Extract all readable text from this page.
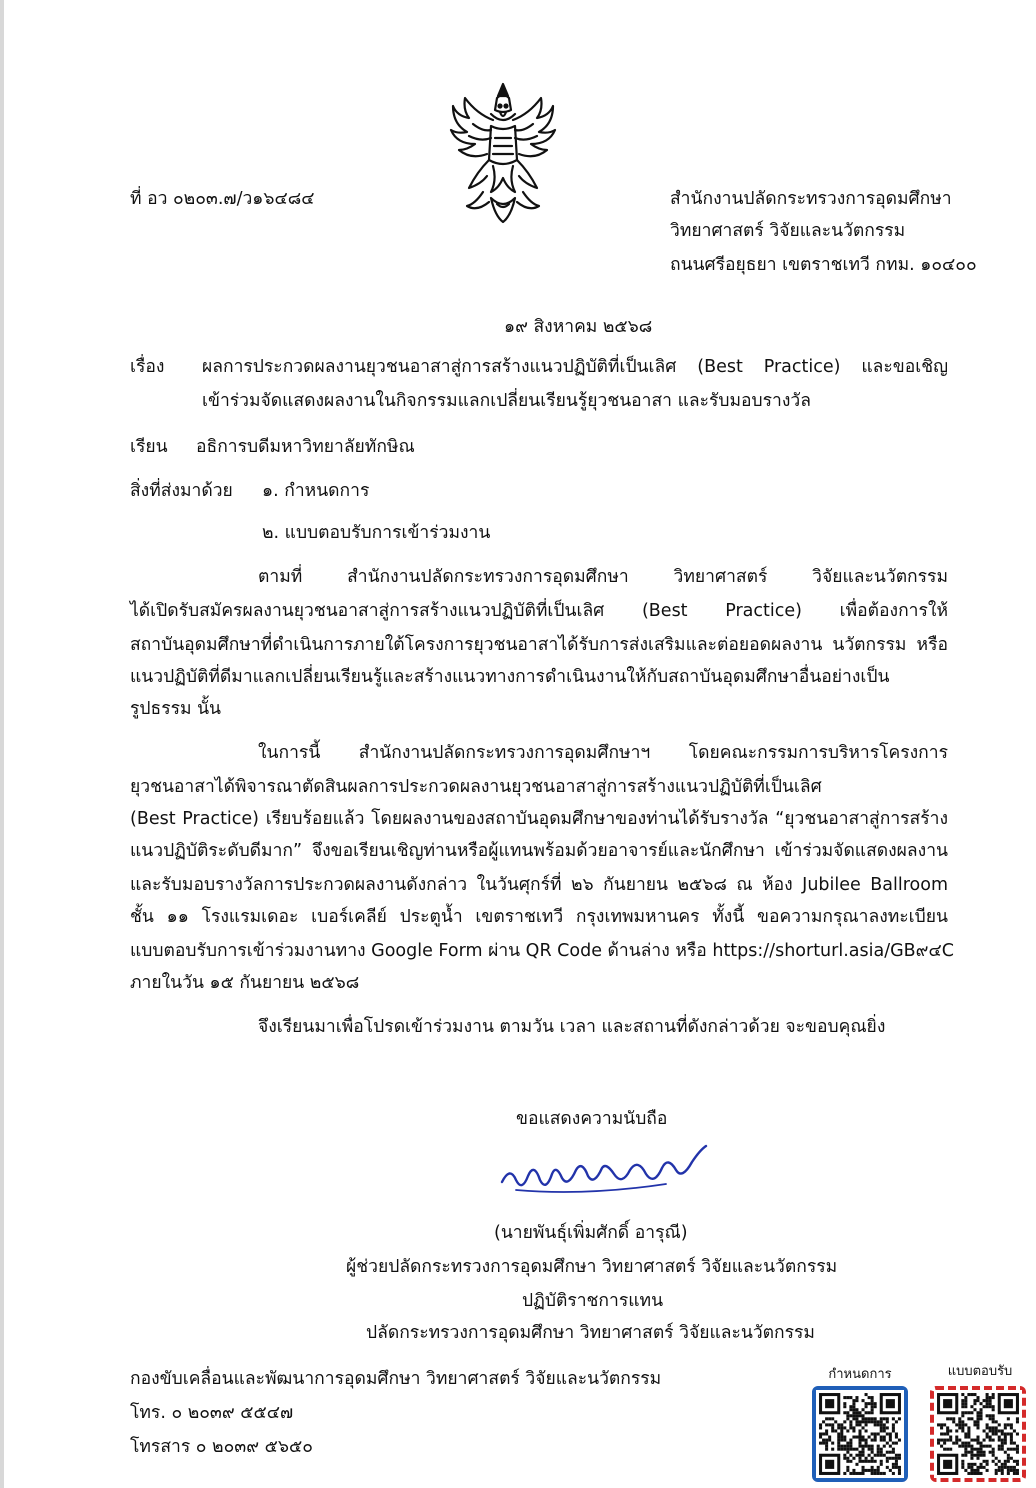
ที่ อว ๐๒๐๓.๗/ว๑๖๔๘๔	สำนักงานปลัดกระทรวงการอุดมศึกษา

วิทยาศาสตร์ วิจัยและนวัตกรรม

ถนนศรีอยุธยา เขตราชเทวี กทม. ๑๐๔๐๐

๑๙ สิงหาคม ๒๕๖๘

เรื่อง ผลการประกวดผลงานยุวชนอาสาสู่การสร้างแนวปฏิบัติที่เป็นเลิศ (Best Practice) และขอเชิญ

เข้าร่วมจัดแสดงผลงานในกิจกรรมแลกเปลี่ยนเรียนรู้ยุวชนอาสา และรับมอบรางวัล

เรียน อธิการบดีมหาวิทยาลัยทักษิณ

สิ่งที่ส่งมาด้วย ๑. กำหนดการ

๒. แบบตอบรับการเข้าร่วมงาน

ตามที่ สำนักงานปลัดกระทรวงการอุดมศึกษา วิทยาศาสตร์ วิจัยและนวัตกรรม

ได้เปิดรับสมัครผลงานยุวชนอาสาสู่การสร้างแนวปฏิบัติที่เป็นเลิศ (Best Practice) เพื่อต้องการให้

สถาบันอุดมศึกษาที่ดำเนินการภายใต้โครงการยุวชนอาสาได้รับการส่งเสริมและต่อยอดผลงาน นวัตกรรม หรือ

แนวปฏิบัติที่ดีมาแลกเปลี่ยนเรียนรู้และสร้างแนวทางการดำเนินงานให้กับสถาบันอุดมศึกษาอื่นอย่างเป็น

รูปธรรม นั้น

ในการนี้ สำนักงานปลัดกระทรวงการอุดมศึกษาฯ โดยคณะกรรมการบริหารโครงการ

ยุวชนอาสาได้พิจารณาตัดสินผลการประกวดผลงานยุวชนอาสาสู่การสร้างแนวปฏิบัติที่เป็นเลิศ

(Best Practice) เรียบร้อยแล้ว โดยผลงานของสถาบันอุดมศึกษาของท่านได้รับรางวัล “ยุวชนอาสาสู่การสร้าง

แนวปฏิบัติระดับดีมาก” จึงขอเรียนเชิญท่านหรือผู้แทนพร้อมด้วยอาจารย์และนักศึกษา เข้าร่วมจัดแสดงผลงาน

และรับมอบรางวัลการประกวดผลงานดังกล่าว ในวันศุกร์ที่ ๒๖ กันยายน ๒๕๖๘ ณ ห้อง Jubilee Ballroom

ชั้น ๑๑ โรงแรมเดอะ เบอร์เคลีย์ ประตูน้ำ เขตราชเทวี กรุงเทพมหานคร ทั้งนี้ ขอความกรุณาลงทะเบียน

แบบตอบรับการเข้าร่วมงานทาง Google Form ผ่าน QR Code ด้านล่าง หรือ https://shorturl.asia/GB๙๔C

ภายในวัน ๑๕ กันยายน ๒๕๖๘

จึงเรียนมาเพื่อโปรดเข้าร่วมงาน ตามวัน เวลา และสถานที่ดังกล่าวด้วย จะขอบคุณยิ่ง

ขอแสดงความนับถือ

(นายพันธุ์เพิ่มศักดิ์ อารุณี)

ผู้ช่วยปลัดกระทรวงการอุดมศึกษา วิทยาศาสตร์ วิจัยและนวัตกรรม

ปฏิบัติราชการแทน

ปลัดกระทรวงการอุดมศึกษา วิทยาศาสตร์ วิจัยและนวัตกรรม

กองขับเคลื่อนและพัฒนาการอุดมศึกษา วิทยาศาสตร์ วิจัยและนวัตกรรม

โทร. ๐ ๒๐๓๙ ๕๕๔๗

โทรสาร ๐ ๒๐๓๙ ๕๖๕๐

กำหนดการ	แบบตอบรับ
